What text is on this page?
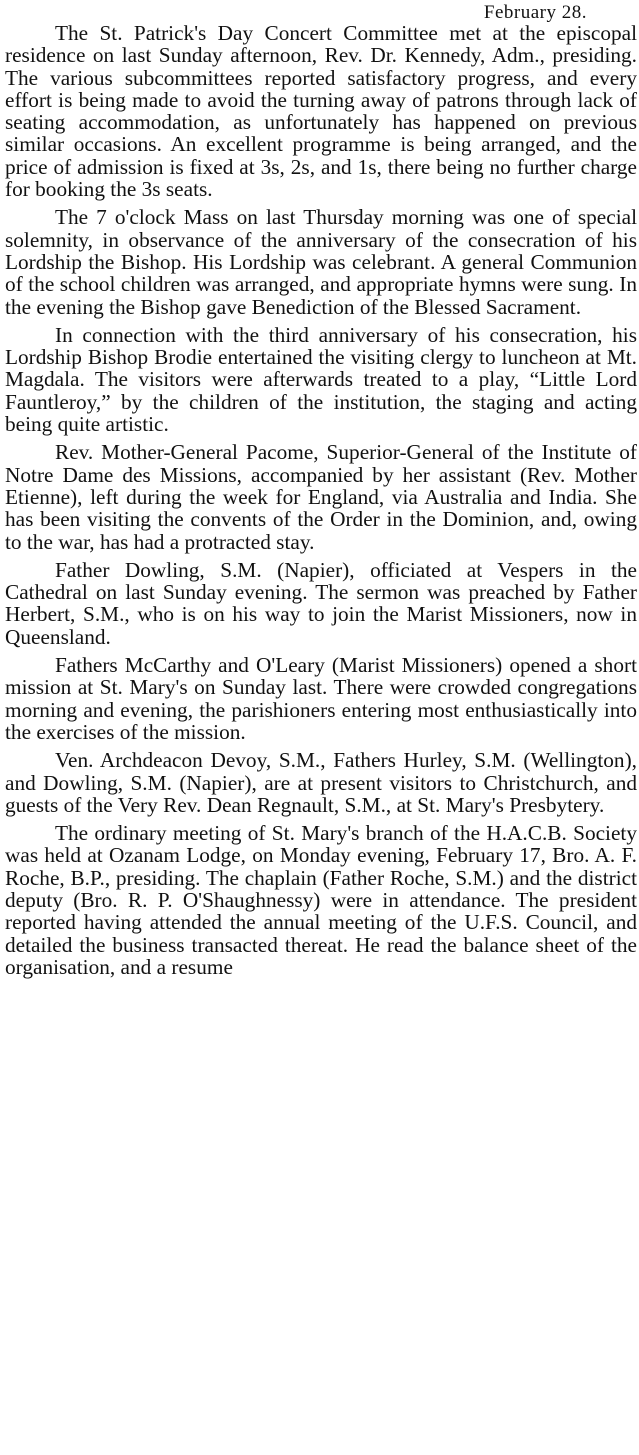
February 28.

The St. Patrick's Day Concert Committee met at the episcopal residence on last Sunday afternoon, Rev. Dr. Kennedy, Adm., presiding. The various subcommittees reported satisfactory progress, and every effort is being made to avoid the turning away of patrons through lack of seating accommodation, as unfortunately has happened on previous similar occasions. An excellent programme is being arranged, and the price of admission is fixed at 3s, 2s, and 1s, there being no further charge for booking the 3s seats.

The 7 o'clock Mass on last Thursday morning was one of special solemnity, in observance of the anniversary of the consecration of his Lordship the Bishop. His Lordship was celebrant. A general Communion of the school children was arranged, and appropriate hymns were sung. In the evening the Bishop gave Benediction of the Blessed Sacrament.

In connection with the third anniversary of his consecration, his Lordship Bishop Brodie entertained the visiting clergy to luncheon at Mt. Magdala. The visitors were afterwards treated to a play, “Little Lord Fauntleroy,” by the children of the institution, the staging and acting being quite artistic.

Rev. Mother-General Pacome, Superior-General of the Institute of Notre Dame des Missions, accompanied by her assistant (Rev. Mother Etienne), left during the week for England, via Australia and India. She has been visiting the convents of the Order in the Dominion, and, owing to the war, has had a protracted stay.

Father Dowling, S.M. (Napier), officiated at Vespers in the Cathedral on last Sunday evening. The sermon was preached by Father Herbert, S.M., who is on his way to join the Marist Missioners, now in Queensland.

Fathers McCarthy and O'Leary (Marist Missioners) opened a short mission at St. Mary's on Sunday last. There were crowded congregations morning and evening, the parishioners entering most enthusiastically into the exercises of the mission.

Ven. Archdeacon Devoy, S.M., Fathers Hurley, S.M. (Wellington), and Dowling, S.M. (Napier), are at present visitors to Christchurch, and guests of the Very Rev. Dean Regnault, S.M., at St. Mary's Presbytery.

The ordinary meeting of St. Mary's branch of the H.A.C.B. Society was held at Ozanam Lodge, on Monday evening, February 17, Bro. A. F. Roche, B.P., presiding. The chaplain (Father Roche, S.M.) and the district deputy (Bro. R. P. O'Shaughnessy) were in attendance. The president reported having attended the annual meeting of the U.F.S. Council, and detailed the business transacted thereat. He read the balance sheet of the organisation, and a resume
